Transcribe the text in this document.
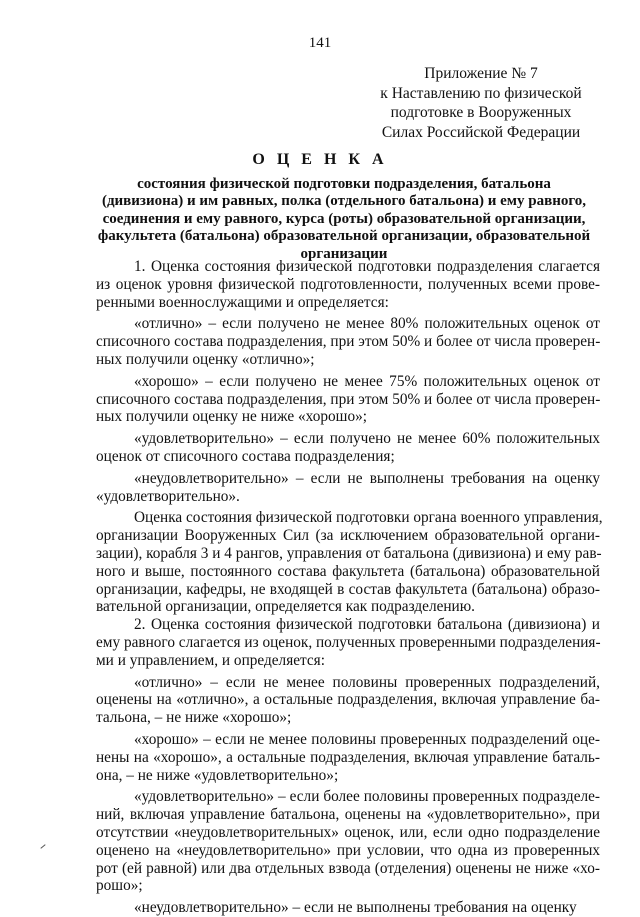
141
Приложение № 7
к Наставлению по физической
подготовке в Вооруженных
Силах Российской Федерации
О Ц Е Н К А
состояния физической подготовки подразделения, батальона
(дивизиона) и им равных, полка (отдельного батальона) и ему равного,
соединения и ему равного, курса (роты) образовательной организации,
факультета (батальона) образовательной организации, образовательной
организации
1. Оценка состояния физической подготовки подразделения слагается
из оценок уровня физической подготовленности, полученных всеми прове-
ренными военнослужащими и определяется:
«отлично» – если получено не менее 80% положительных оценок от
списочного состава подразделения, при этом 50% и более от числа проверен-
ных получили оценку «отлично»;
«хорошо» – если получено не менее 75% положительных оценок от
списочного состава подразделения, при этом 50% и более от числа проверен-
ных получили оценку не ниже «хорошо»;
«удовлетворительно» – если получено не менее 60% положительных
оценок от списочного состава подразделения;
«неудовлетворительно» – если не выполнены требования на оценку
«удовлетворительно».
Оценка состояния физической подготовки органа военного управления,
организации Вооруженных Сил (за исключением образовательной органи-
зации), корабля 3 и 4 рангов, управления от батальона (дивизиона) и ему рав-
ного и выше, постоянного состава факультета (батальона) образовательной
организации, кафедры, не входящей в состав факультета (батальона) образо-
вательной организации, определяется как подразделению.
2. Оценка состояния физической подготовки батальона (дивизиона) и
ему равного слагается из оценок, полученных проверенными подразделения-
ми и управлением, и определяется:
«отлично» – если не менее половины проверенных подразделений,
оценены на «отлично», а остальные подразделения, включая управление ба-
тальона, – не ниже «хорошо»;
«хорошо» – если не менее половины проверенных подразделений оце-
нены на «хорошо», а остальные подразделения, включая управление баталь-
она, – не ниже «удовлетворительно»;
«удовлетворительно» – если более половины проверенных подразделе-
ний, включая управление батальона, оценены на «удовлетворительно», при
отсутствии «неудовлетворительных» оценок, или, если одно подразделение
оценено на «неудовлетворительно» при условии, что одна из проверенных
рот (ей равной) или два отдельных взвода (отделения) оценены не ниже «хо-
рошо»;
«неудовлетворительно» – если не выполнены требования на оценку
